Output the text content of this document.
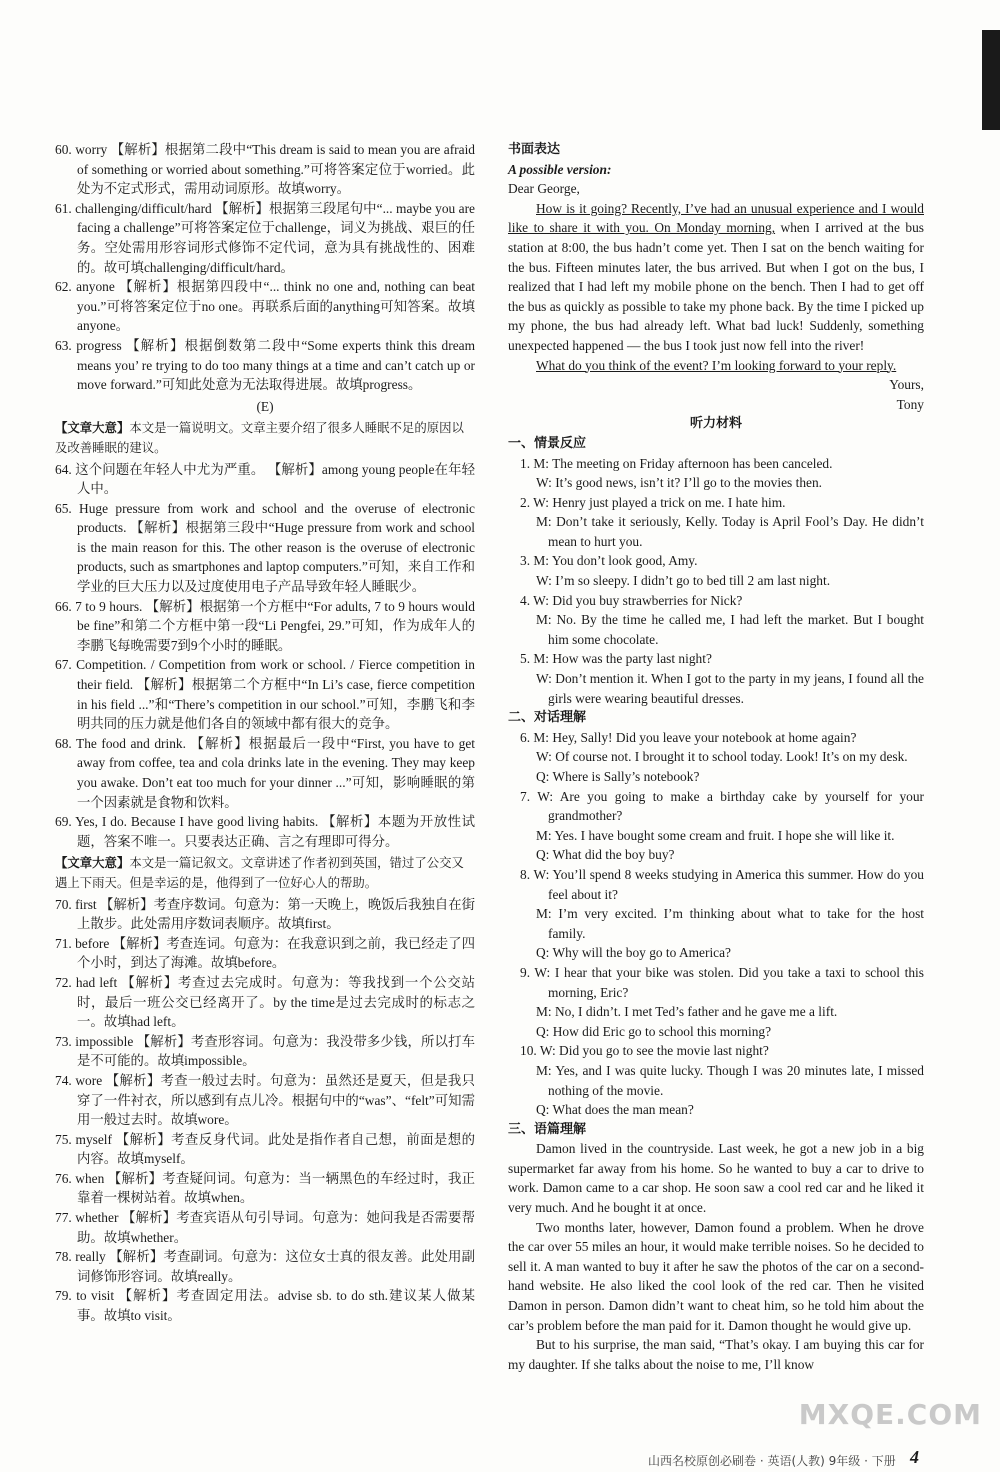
60. worry 【解析】根据第二段中“This dream is said to mean you are afraid of something or worried about something.”可将答案定位于worried。此处为不定式形式，需用动词原形。故填worry。

61. challenging/difficult/hard 【解析】根据第三段尾句中“... maybe you are facing a challenge”可将答案定位于challenge，词义为挑战、艰巨的任务。空处需用形容词形式修饰不定代词，意为具有挑战性的、困难的。故可填challenging/difficult/hard。

62. anyone 【解析】根据第四段中“... think no one and, nothing can beat you.”可将答案定位于no one。再联系后面的anything可知答案。故填anyone。

63. progress 【解析】根据倒数第二段中“Some experts think this dream means you’ re trying to do too many things at a time and can’t catch up or move forward.”可知此处意为无法取得进展。故填progress。

(E)

【文章大意】本文是一篇说明文。文章主要介绍了很多人睡眠不足的原因以及改善睡眠的建议。

64. 这个问题在年轻人中尤为严重。 【解析】among young people在年轻人中。

65. Huge pressure from work and school and the overuse of electronic products. 【解析】根据第三段中“Huge pressure from work and school is the main reason for this. The other reason is the overuse of electronic products, such as smartphones and laptop computers.”可知，来自工作和学业的巨大压力以及过度使用电子产品导致年轻人睡眠少。

66. 7 to 9 hours. 【解析】根据第一个方框中“For adults, 7 to 9 hours would be fine”和第二个方框中第一段“Li Pengfei, 29.”可知，作为成年人的李鹏飞每晚需要7到9个小时的睡眠。

67. Competition. / Competition from work or school. / Fierce competition in their field. 【解析】根据第二个方框中“In Li’s case, fierce competition in his field ...”和“There’s competition in our school.”可知，李鹏飞和李明共同的压力就是他们各自的领域中都有很大的竞争。

68. The food and drink. 【解析】根据最后一段中“First, you have to get away from coffee, tea and cola drinks late in the evening. They may keep you awake. Don’t eat too much for your dinner ...”可知，影响睡眠的第一个因素就是食物和饮料。

69. Yes, I do. Because I have good living habits. 【解析】本题为开放性试题，答案不唯一。只要表达正确、言之有理即可得分。

【文章大意】本文是一篇记叙文。文章讲述了作者初到英国，错过了公交又遇上下雨天。但是幸运的是，他得到了一位好心人的帮助。

70. first 【解析】考查序数词。句意为：第一天晚上，晚饭后我独自在街上散步。此处需用序数词表顺序。故填first。

71. before 【解析】考查连词。句意为：在我意识到之前，我已经走了四个小时，到达了海滩。故填before。

72. had left 【解析】考查过去完成时。句意为：等我找到一个公交站时，最后一班公交已经离开了。by the time是过去完成时的标志之一。故填had left。

73. impossible 【解析】考查形容词。句意为：我没带多少钱，所以打车是不可能的。故填impossible。

74. wore 【解析】考查一般过去时。句意为：虽然还是夏天，但是我只穿了一件衬衣，所以感到有点儿冷。根据句中的“was”、“felt”可知需用一般过去时。故填wore。

75. myself 【解析】考查反身代词。此处是指作者自己想，前面是想的内容。故填myself。

76. when 【解析】考查疑问词。句意为：当一辆黑色的车经过时，我正靠着一棵树站着。故填when。

77. whether 【解析】考查宾语从句引导词。句意为：她问我是否需要帮助。故填whether。

78. really 【解析】考查副词。句意为：这位女士真的很友善。此处用副词修饰形容词。故填really。

79. to visit 【解析】考查固定用法。advise sb. to do sth.建议某人做某事。故填to visit。

书面表达

A possible version:

Dear George,

How is it going? Recently, I’ve had an unusual experience and I would like to share it with you. On Monday morning, when I arrived at the bus station at 8:00, the bus hadn’t come yet. Then I sat on the bench waiting for the bus. Fifteen minutes later, the bus arrived. But when I got on the bus, I realized that I had left my mobile phone on the bench. Then I had to get off the bus as quickly as possible to take my phone back. By the time I picked up my phone, the bus had already left. What bad luck! Suddenly, something unexpected happened — the bus I took just now fell into the river!

What do you think of the event? I’m looking forward to your reply.

Yours,

Tony

听力材料

一、情景反应

1. M: The meeting on Friday afternoon has been canceled.

W: It’s good news, isn’t it? I’ll go to the movies then.

2. W: Henry just played a trick on me. I hate him.

M: Don’t take it seriously, Kelly. Today is April Fool’s Day. He didn’t mean to hurt you.

3. M: You don’t look good, Amy.

W: I’m so sleepy. I didn’t go to bed till 2 am last night.

4. W: Did you buy strawberries for Nick?

M: No. By the time he called me, I had left the market. But I bought him some chocolate.

5. M: How was the party last night?

W: Don’t mention it. When I got to the party in my jeans, I found all the girls were wearing beautiful dresses.

二、对话理解

6. M: Hey, Sally! Did you leave your notebook at home again?

W: Of course not. I brought it to school today. Look! It’s on my desk.

Q: Where is Sally’s notebook?

7. W: Are you going to make a birthday cake by yourself for your grandmother?

M: Yes. I have bought some cream and fruit. I hope she will like it.

Q: What did the boy buy?

8. W: You’ll spend 8 weeks studying in America this summer. How do you feel about it?

M: I’m very excited. I’m thinking about what to take for the host family.

Q: Why will the boy go to America?

9. W: I hear that your bike was stolen. Did you take a taxi to school this morning, Eric?

M: No, I didn’t. I met Ted’s father and he gave me a lift.

Q: How did Eric go to school this morning?

10. W: Did you go to see the movie last night?

M: Yes, and I was quite lucky. Though I was 20 minutes late, I missed nothing of the movie.

Q: What does the man mean?

三、语篇理解

Damon lived in the countryside. Last week, he got a new job in a big supermarket far away from his home. So he wanted to buy a car to drive to work. Damon came to a car shop. He soon saw a cool red car and he liked it very much. And he bought it at once.

Two months later, however, Damon found a problem. When he drove the car over 55 miles an hour, it would make terrible noises. So he decided to sell it. A man wanted to buy it after he saw the photos of the car on a second-hand website. He also liked the cool look of the red car. Then he visited Damon in person. Damon didn’t want to cheat him, so he told him about the car’s problem before the man paid for it. Damon thought he would give up.

But to his surprise, the man said, “That’s okay. I am buying this car for my daughter. If she talks about the noise to me, I’ll know

MXQE.COM
山西名校原创必刷卷 · 英语(人教) 9年级 · 下册 4
